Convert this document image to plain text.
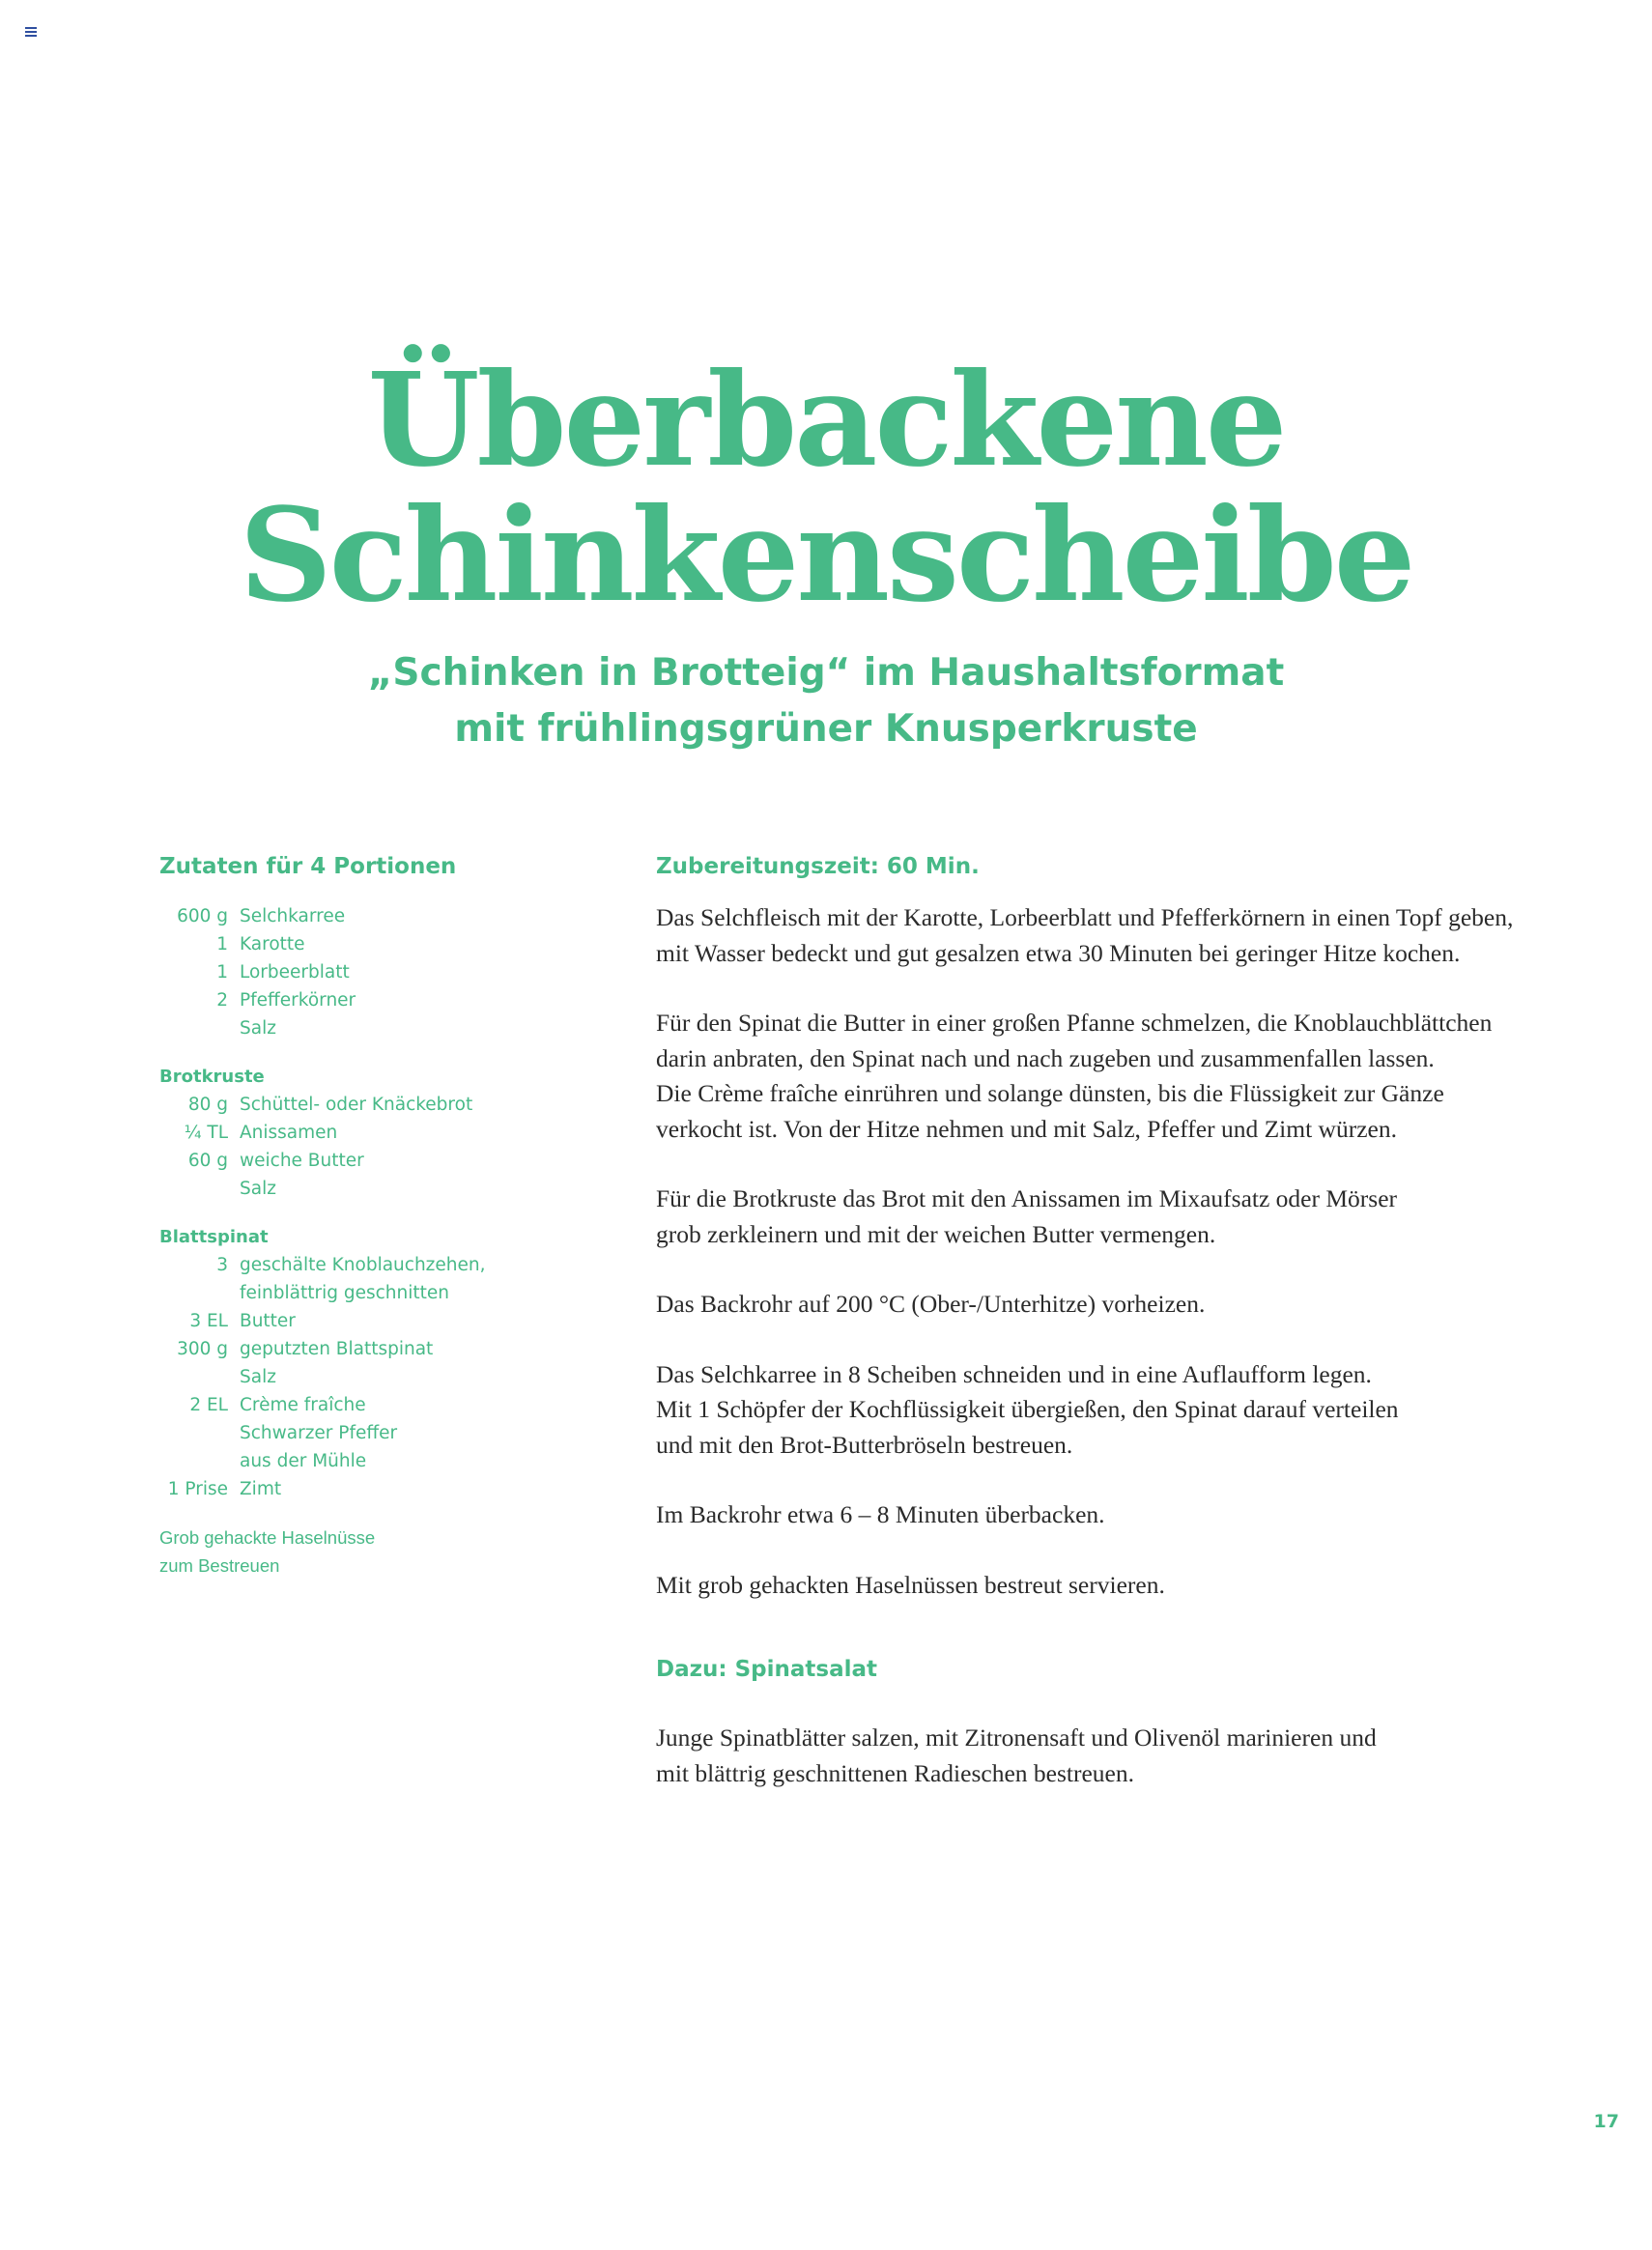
Überbackene
Schinkenscheibe
„Schinken in Brotteig“ im Haushaltsformat
mit frühlingsgrüner Knusperkruste
Zutaten für 4 Portionen
600 g Selchkarree
1 Karotte
1 Lorbeerblatt
2 Pfefferkörner
Salz
Brotkruste
80 g Schüttel- oder Knäckebrot
¼ TL Anissamen
60 g weiche Butter
Salz
Blattspinat
3 geschälte Knoblauchzehen,
feinblättrig geschnitten
3 EL Butter
300 g geputzten Blattspinat
Salz
2 EL Crème fraîche
Schwarzer Pfeffer
aus der Mühle
1 Prise Zimt
Grob gehackte Haselnüsse
zum Bestreuen
Zubereitungszeit: 60 Min.

Das Selchfleisch mit der Karotte, Lorbeerblatt und Pfefferkörnern in einen Topf geben,
mit Wasser bedeckt und gut gesalzen etwa 30 Minuten bei geringer Hitze kochen.

Für den Spinat die Butter in einer großen Pfanne schmelzen, die Knoblauchblättchen
darin anbraten, den Spinat nach und nach zugeben und zusammenfallen lassen.
Die Crème fraîche einrühren und solange dünsten, bis die Flüssigkeit zur Gänze
verkocht ist. Von der Hitze nehmen und mit Salz, Pfeffer und Zimt würzen.

Für die Brotkruste das Brot mit den Anissamen im Mixaufsatz oder Mörser
grob zerkleinern und mit der weichen Butter vermengen.

Das Backrohr auf 200 °C (Ober-/Unterhitze) vorheizen.

Das Selchkarree in 8 Scheiben schneiden und in eine Auflaufform legen.
Mit 1 Schöpfer der Kochflüssigkeit übergießen, den Spinat darauf verteilen
und mit den Brot-Butterbröseln bestreuen.

Im Backrohr etwa 6 – 8 Minuten überbacken.

Mit grob gehackten Haselnüssen bestreut servieren.

Dazu: Spinatsalat

Junge Spinatblätter salzen, mit Zitronensaft und Olivenöl marinieren und
mit blättrig geschnittenen Radieschen bestreuen.

17
